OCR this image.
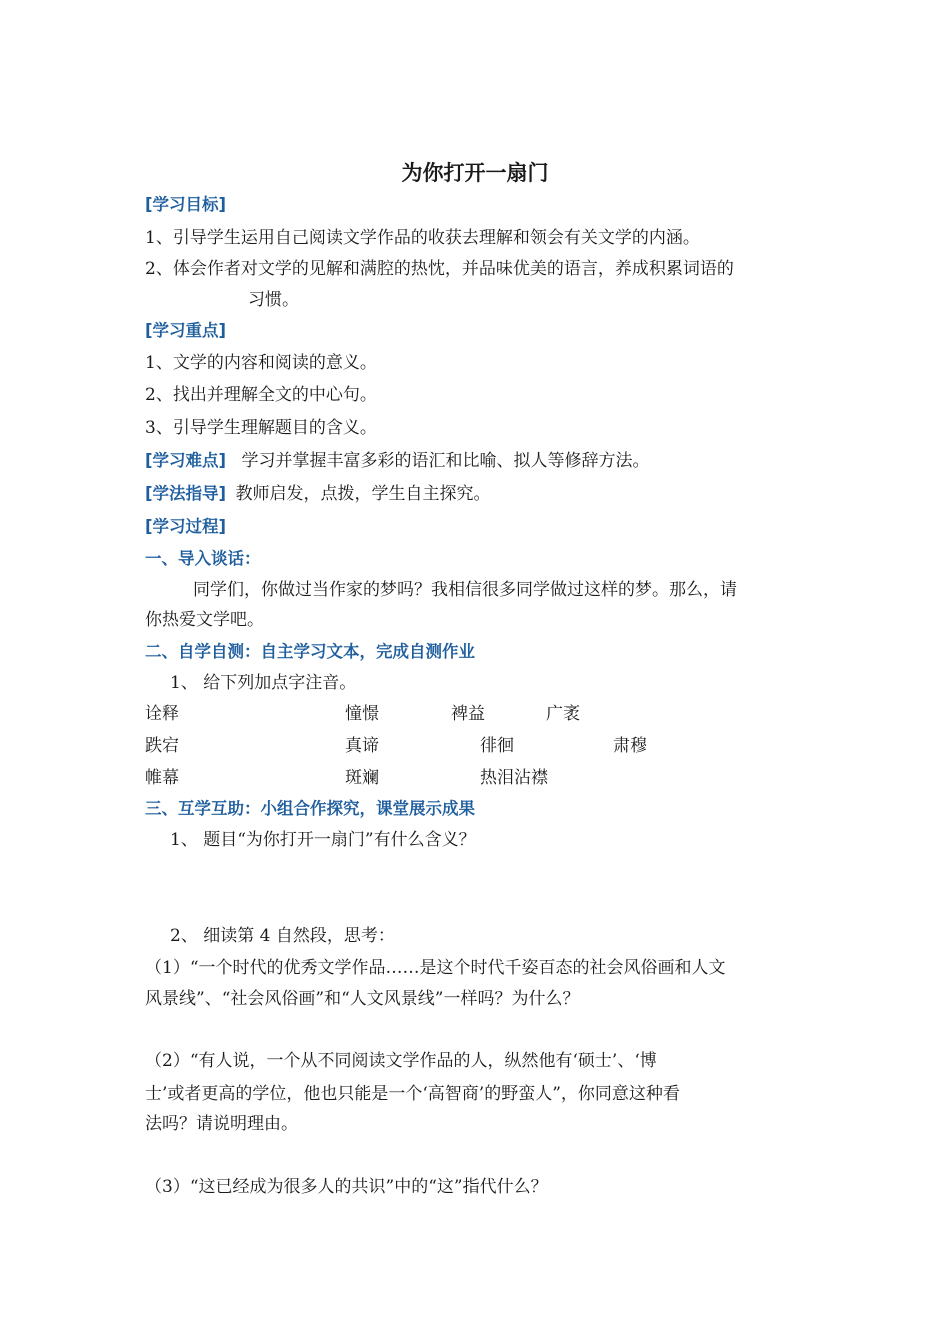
为你打开一扇门
[学习目标]
1、引导学生运用自己阅读文学作品的收获去理解和领会有关文学的内涵。
2、体会作者对文学的见解和满腔的热忱，并品味优美的语言，养成积累词语的
习惯。
[学习重点]
1、文学的内容和阅读的意义。
2、找出并理解全文的中心句。
3、引导学生理解题目的含义。
[学习难点] 学习并掌握丰富多彩的语汇和比喻、拟人等修辞方法。
[学法指导] 教师启发，点拨，学生自主探究。
[学习过程]
一、导入谈话：
同学们，你做过当作家的梦吗？我相信很多同学做过这样的梦。那么，请
你热爱文学吧。
二、自学自测：自主学习文本，完成自测作业
1、 给下列加点字注音。
诠释	憧憬	裨益	广袤
跌宕	真谛	徘徊	肃穆
帷幕	斑斓	热泪沾襟
三、互学互助：小组合作探究，课堂展示成果
1、 题目“为你打开一扇门”有什么含义？
2、 细读第 4 自然段，思考：
（1）“一个时代的优秀文学作品……是这个时代千姿百态的社会风俗画和人文
风景线”、“社会风俗画”和“人文风景线”一样吗？为什么？
（2）“有人说，一个从不同阅读文学作品的人，纵然他有‘硕士’、‘博
士’或者更高的学位，他也只能是一个‘高智商’的野蛮人”，你同意这种看
法吗？请说明理由。
（3）“这已经成为很多人的共识”中的“这”指代什么？
